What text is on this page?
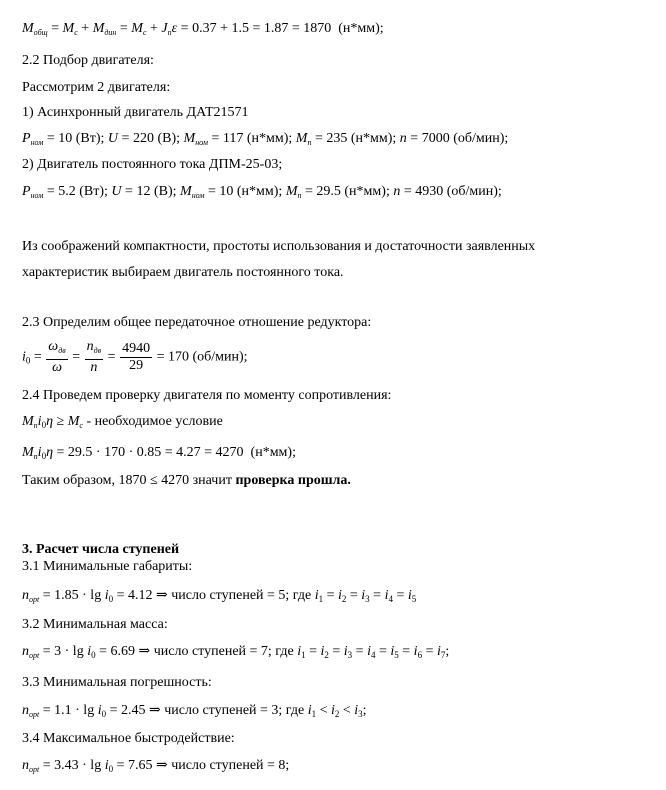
$M_{общ} = M_c + M_{дин} = M_c + J_п\varepsilon = 0.37 + 1.5 = 1.87 = 1870$ (н*мм);
2.2 Подбор двигателя:
Рассмотрим 2 двигателя:
1) Асинхронный двигатель ДАТ21571
$P_{ном} = 10$ (Вт); U = 220 (В); $M_{ном} = 117$ (н*мм); $M_п = 235$ (н*мм); n = 7000 (об/мин);
2) Двигатель постоянного тока ДПМ-25-03;
$P_{ном} = 5.2$ (Вт); U = 12 (В); $M_{ном} = 10$ (н*мм); $M_п = 29.5$ (н*мм); n = 4930 (об/мин);
Из соображений компактности, простоты использования и достаточности заявленных
характеристик выбираем двигатель постоянного тока.
2.3 Определим общее передаточное отношение редуктора:
$i_0 = \frac{\omega_{дв}}{\omega} = \frac{n_{дв}}{n} = \frac{4940}{29} = 170$ (об/мин);
2.4 Проведем проверку двигателя по моменту сопротивления:
$M_пi_0\eta \ge M_c$ - необходимое условие
$M_пi_0\eta = 29.5 \cdot 170 \cdot 0.85 = 4.27 = 4270$ (н*мм);
Таким образом, 1870 ≤ 4270 значит проверка прошла.
3. Расчет числа ступеней
3.1 Минимальные габариты:
$n_{opt} = 1.85 \cdot \lg i_0 = 4.12$ ⇒ число ступеней = 5; где $i_1 = i_2 = i_3 = i_4 = i_5$
3.2 Минимальная масса:
$n_{opt} = 3 \cdot \lg i_0 = 6.69$ ⇒ число ступеней = 7; где $i_1 = i_2 = i_3 = i_4 = i_5 = i_6 = i_7$;
3.3 Минимальная погрешность:
$n_{opt} = 1.1 \cdot \lg i_0 = 2.45$ ⇒ число ступеней = 3; где $i_1 < i_2 < i_3$;
3.4 Максимальное быстродействие:
$n_{opt} = 3.43 \cdot \lg i_0 = 7.65$ ⇒ число ступеней = 8;
